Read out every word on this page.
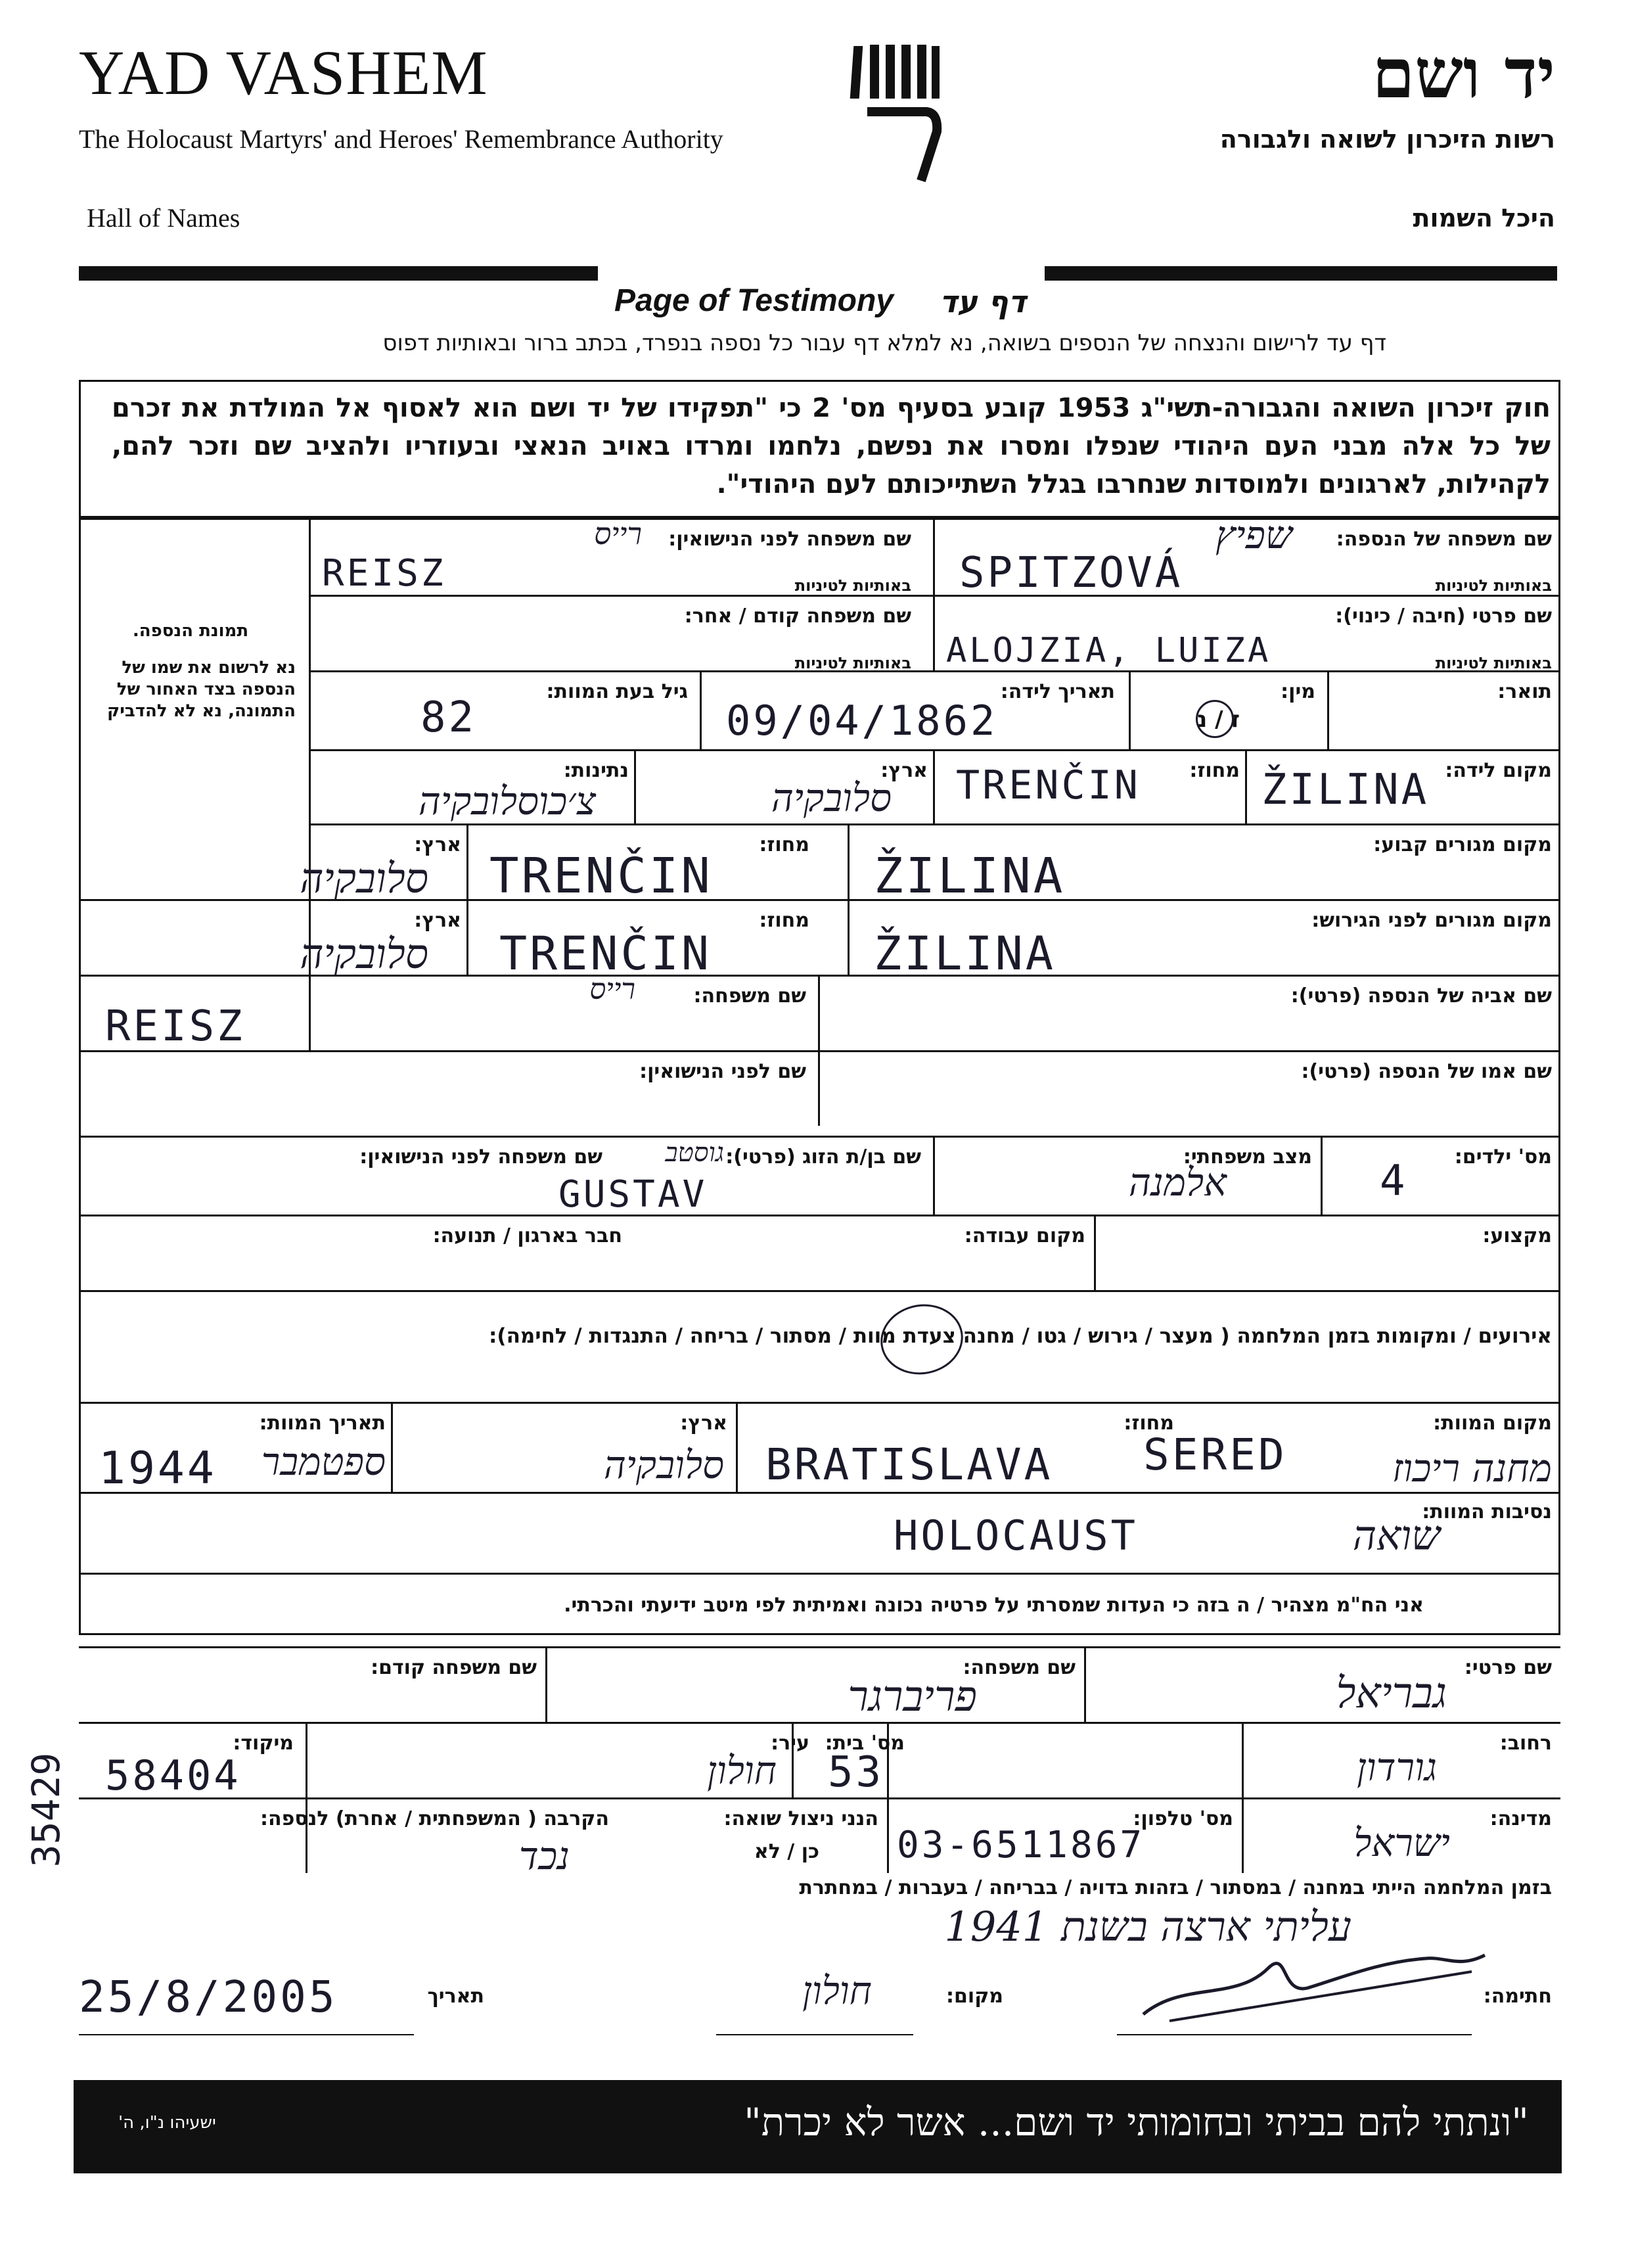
YAD VASHEM
The Holocaust Martyrs' and Heroes' Remembrance Authority
Hall of Names
יד ושם
רשות הזיכרון לשואה ולגבורה
היכל השמות
Page of Testimony דף עד
דף עד לרישום והנצחה של הנספים בשואה, נא למלא דף עבור כל נספה בנפרד, בכתב ברור ובאותיות דפוס
חוק זיכרון השואה והגבורה-תשי"ג 1953 קובע בסעיף מס' 2 כי "תפקידו של יד ושם הוא לאסוף אל המולדת את זכרם של כל אלה מבני העם היהודי שנפלו ומסרו את נפשם, נלחמו ומרדו באויב הנאצי ובעוזריו ולהציב שם וזכר להם, לקהילות, לארגונים ולמוסדות שנחרבו בגלל השתייכותם לעם היהודי".
תמונת הנספה.
נא לרשום את שמו של הנספה בצד האחור של התמונה, נא לא להדביק
שם משפחה של הנספה:
באותיות לטיניות
שפיץ
SPITZOVÁ
שם משפחה לפני הנישואין:
באותיות לטיניות
רייס
REISZ
שם פרטי (חיבה / כינוי):
באותיות לטיניות
ALOJZIA, LUIZA
שם משפחה קודם / אחר:
באותיות לטיניות
תואר:
מין:
ז / נ
תאריך לידה:
09/04/1862
גיל בעת המוות:
82
מקום לידה:
ŽILINA
מחוז:
TRENČIN
ארץ:
סלובקיה
נתינות:
צ׳כוסלובקיה
מקום מגורים קבוע:
מחוז:
ŽILINA
ארץ:
TRENČIN
סלובקיה
מקום מגורים לפני הגירוש:
מחוז:
ŽILINA
ארץ:
TRENČIN
סלובקיה
שם אביה של הנספה (פרטי):
שם משפחה:
רייס
REISZ
שם אמו של הנספה (פרטי):
שם לפני הנישואין:
מס' ילדים:
4
מצב משפחתי:
אלמנה
שם בן/ת הזוג (פרטי):
גוסטב
שם משפחה לפני הנישואין:
GUSTAV
מקצוע:
מקום עבודה:
חבר בארגון / תנועה:
אירועים / ומקומות בזמן המלחמה ( מעצר / גירוש / גטו / מחנה צעדת מוות / מסתור / בריחה / התנגדות / לחימה):
מקום המוות:
SERED	מחנה ריכוז
מחוז:
BRATISLAVA
ארץ:
סלובקיה
תאריך המוות:
ספטמבר
1944
נסיבות המוות:
שואה
HOLOCAUST
אני הח"מ מצהיר / ה בזה כי העדות שמסרתי על פרטיה נכונה ואמיתית לפי מיטב ידיעתי והכרתי.
שם פרטי:
גבריאל
שם משפחה:
פריברגר
שם משפחה קודם:
רחוב:
גורדון
מס' בית:
53
עיר:
חולון
מיקוד:
58404
מדינה:
ישראל
מס' טלפון:
03-6511867
הנני ניצול שואה:
כן / לא
הקרבה ( המשפחתית / אחרת) לנספה:
נכד
בזמן המלחמה הייתי במחנה / במסתור / בזהות בדויה / בבריחה / בעברות / במחתרת
עליתי ארצה בשנת 1941
חתימה:
מקום:
חולון
תאריך
25/8/2005
35429
"ונתתי להם בביתי ובחומותי יד ושם... אשר לא יכרת"
ישעיהו נ"ו, ה'
